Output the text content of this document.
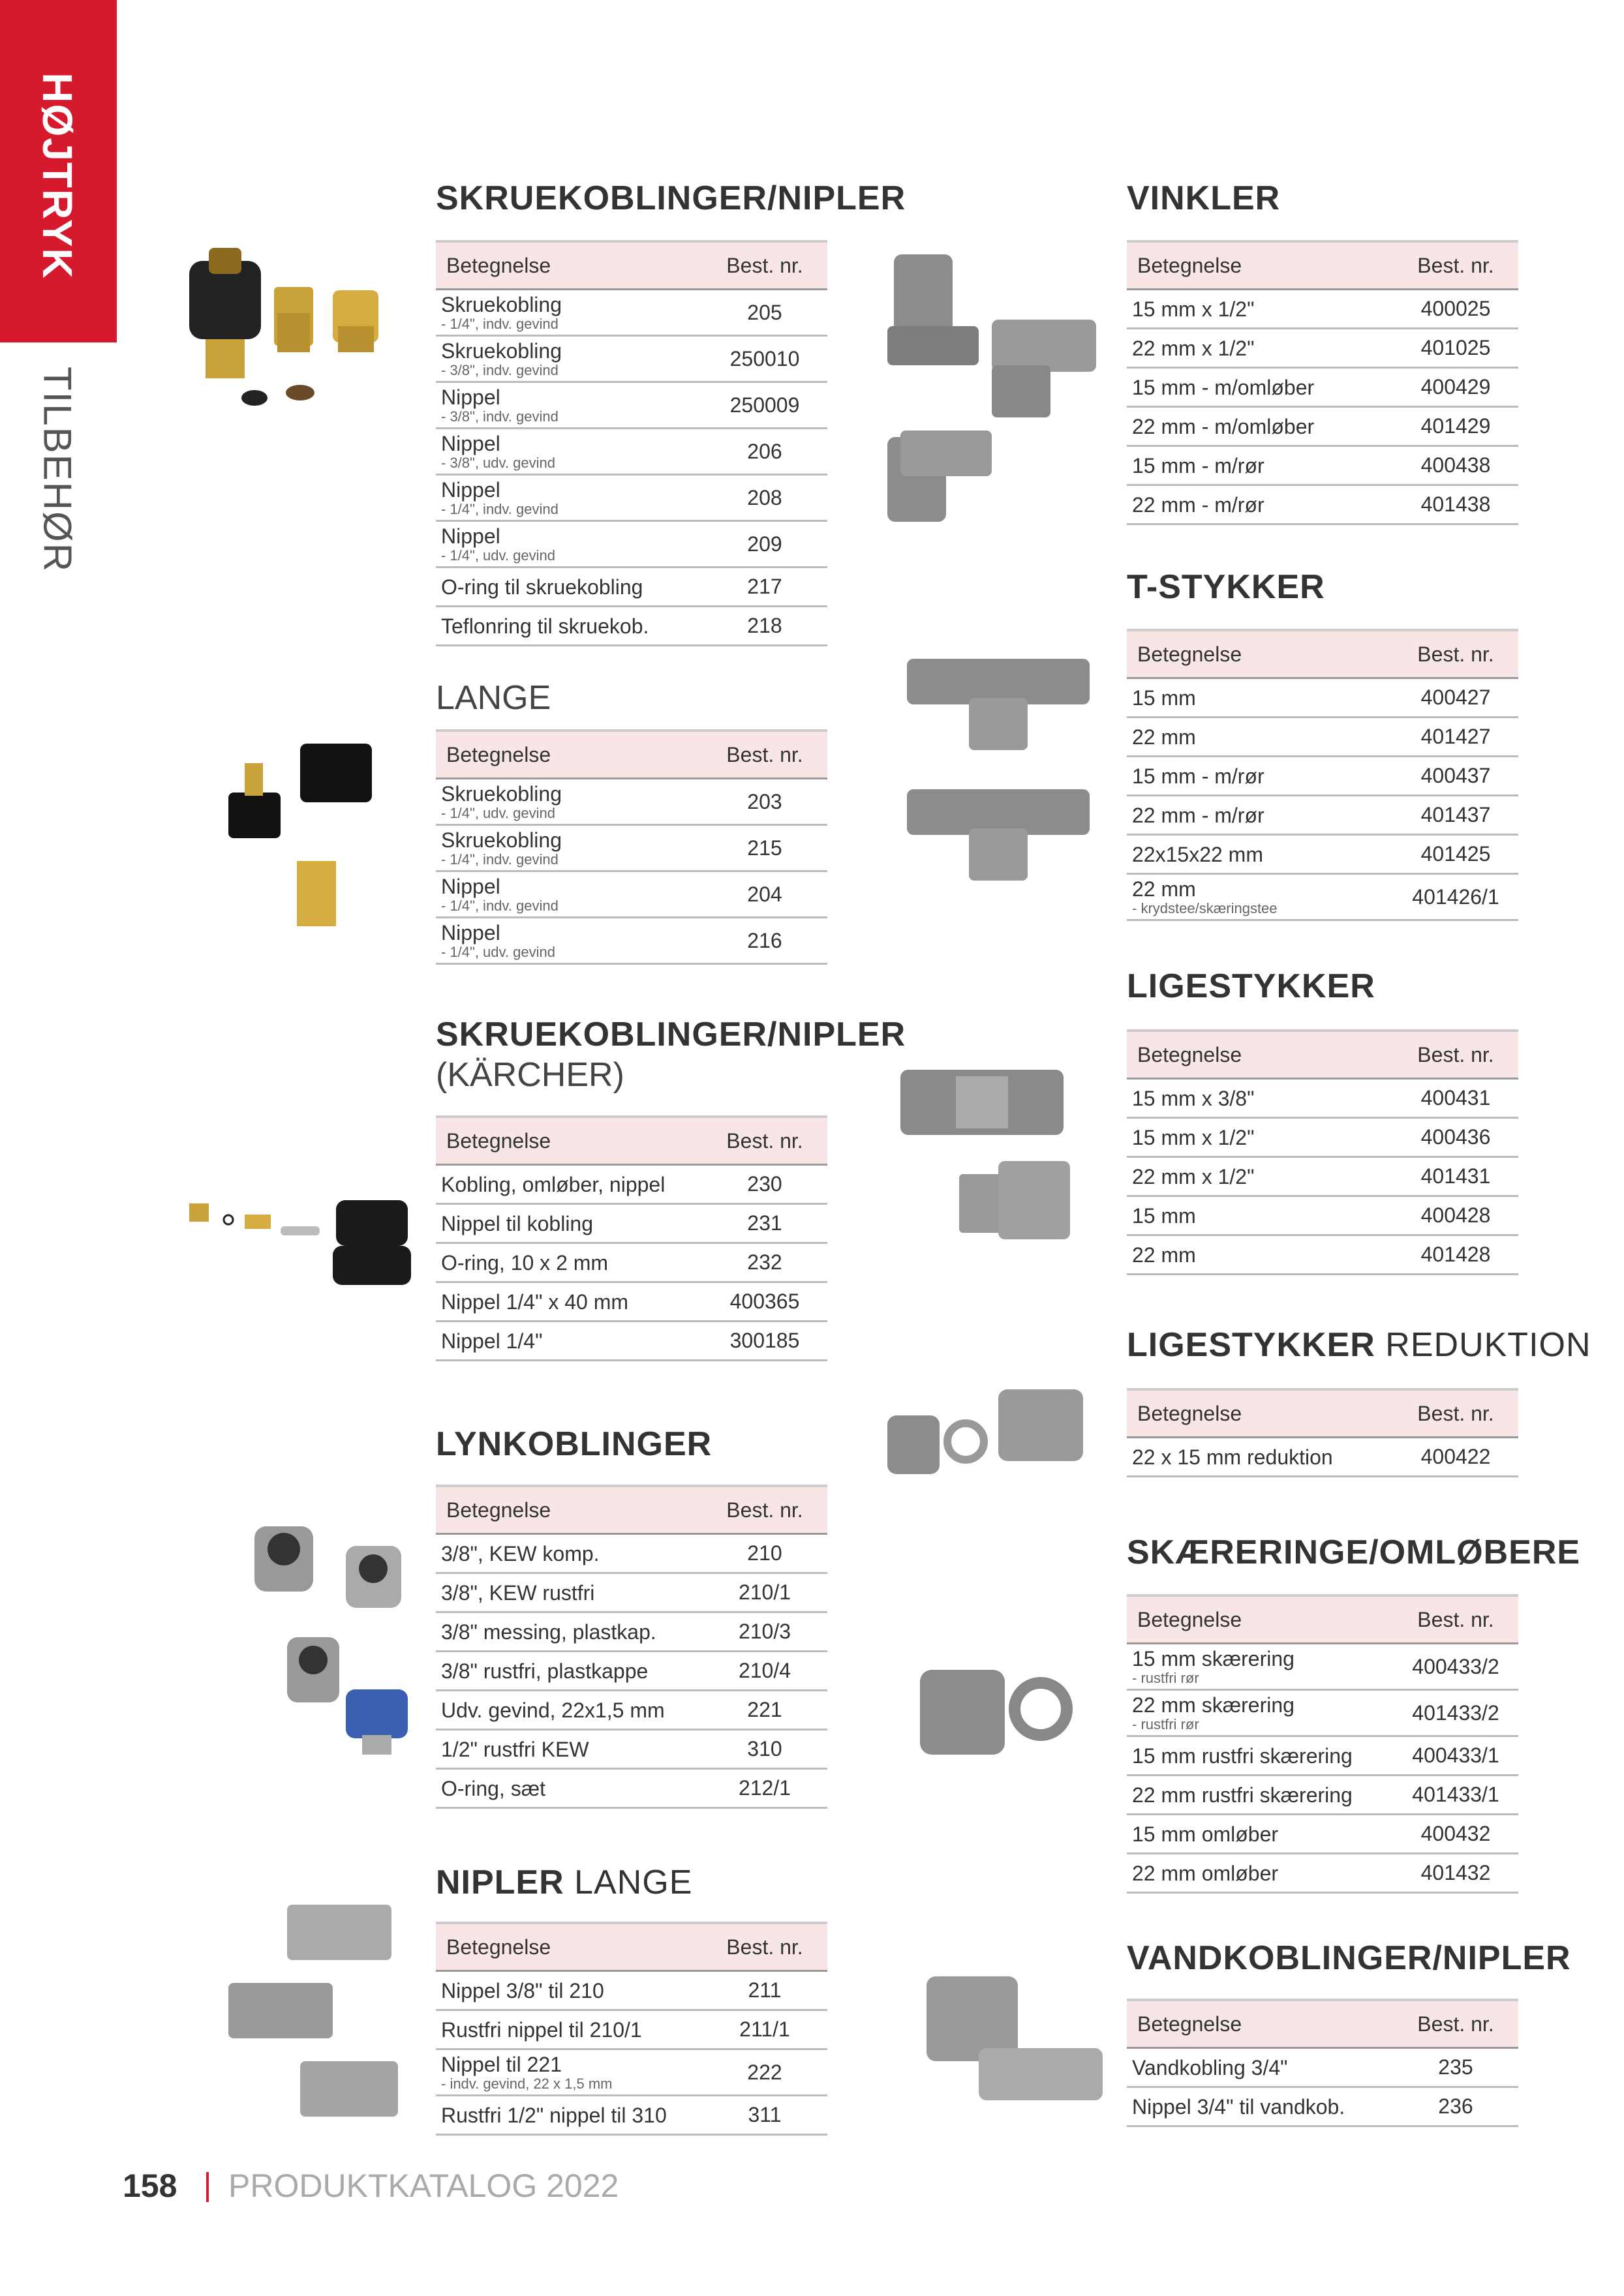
HØJTRYK
TILBEHØR
SKRUEKOBLINGER/NIPLER
Betegnelse	Best. nr.

Skruekobling
- 1/4", indv. gevind	205

Skruekobling
- 3/8", indv. gevind	250010

Nippel
- 3/8", indv. gevind	250009

Nippel
- 3/8", udv. gevind	206

Nippel
- 1/4", indv. gevind	208

Nippel
- 1/4", udv. gevind	209

O-ring til skruekobling	217

Teflonring til skruekob.	218
LANGE
Betegnelse	Best. nr.

Skruekobling
- 1/4", udv. gevind	203

Skruekobling
- 1/4", indv. gevind	215

Nippel
- 1/4", indv. gevind	204

Nippel
- 1/4", udv. gevind	216
SKRUEKOBLINGER/NIPLER
(KÄRCHER)
Betegnelse	Best. nr.

Kobling, omløber, nippel	230

Nippel til kobling	231

O-ring, 10 x 2 mm	232

Nippel 1/4" x 40 mm	400365

Nippel 1/4"	300185
LYNKOBLINGER
Betegnelse	Best. nr.

3/8", KEW komp.	210

3/8", KEW rustfri	210/1

3/8" messing, plastkap.	210/3

3/8" rustfri, plastkappe	210/4

Udv. gevind, 22x1,5 mm	221

1/2" rustfri KEW	310

O-ring, sæt	212/1
NIPLER LANGE
Betegnelse	Best. nr.

Nippel 3/8" til 210	211

Rustfri nippel til 210/1	211/1

Nippel til 221
- indv. gevind, 22 x 1,5 mm	222

Rustfri 1/2" nippel til 310	311
VINKLER
Betegnelse	Best. nr.

15 mm x 1/2"	400025

22 mm x 1/2"	401025

15 mm - m/omløber	400429

22 mm - m/omløber	401429

15 mm - m/rør	400438

22 mm - m/rør	401438
T-STYKKER
Betegnelse	Best. nr.

15 mm	400427

22 mm	401427

15 mm - m/rør	400437

22 mm - m/rør	401437

22x15x22 mm	401425

22 mm
- krydstee/skæringstee	401426/1
LIGESTYKKER
Betegnelse	Best. nr.

15 mm x 3/8"	400431

15 mm x 1/2"	400436

22 mm x 1/2"	401431

15 mm	400428

22 mm	401428
LIGESTYKKER REDUKTION
Betegnelse	Best. nr.

22 x 15 mm reduktion	400422
SKÆRERINGE/OMLØBERE
Betegnelse	Best. nr.

15 mm skærering
- rustfri rør	400433/2

22 mm skærering
- rustfri rør	401433/2

15 mm rustfri skærering	400433/1

22 mm rustfri skærering	401433/1

15 mm omløber	400432

22 mm omløber	401432
VANDKOBLINGER/NIPLER
Betegnelse	Best. nr.

Vandkobling 3/4"	235

Nippel 3/4" til vandkob.	236
158 PRODUKTKATALOG 2022
